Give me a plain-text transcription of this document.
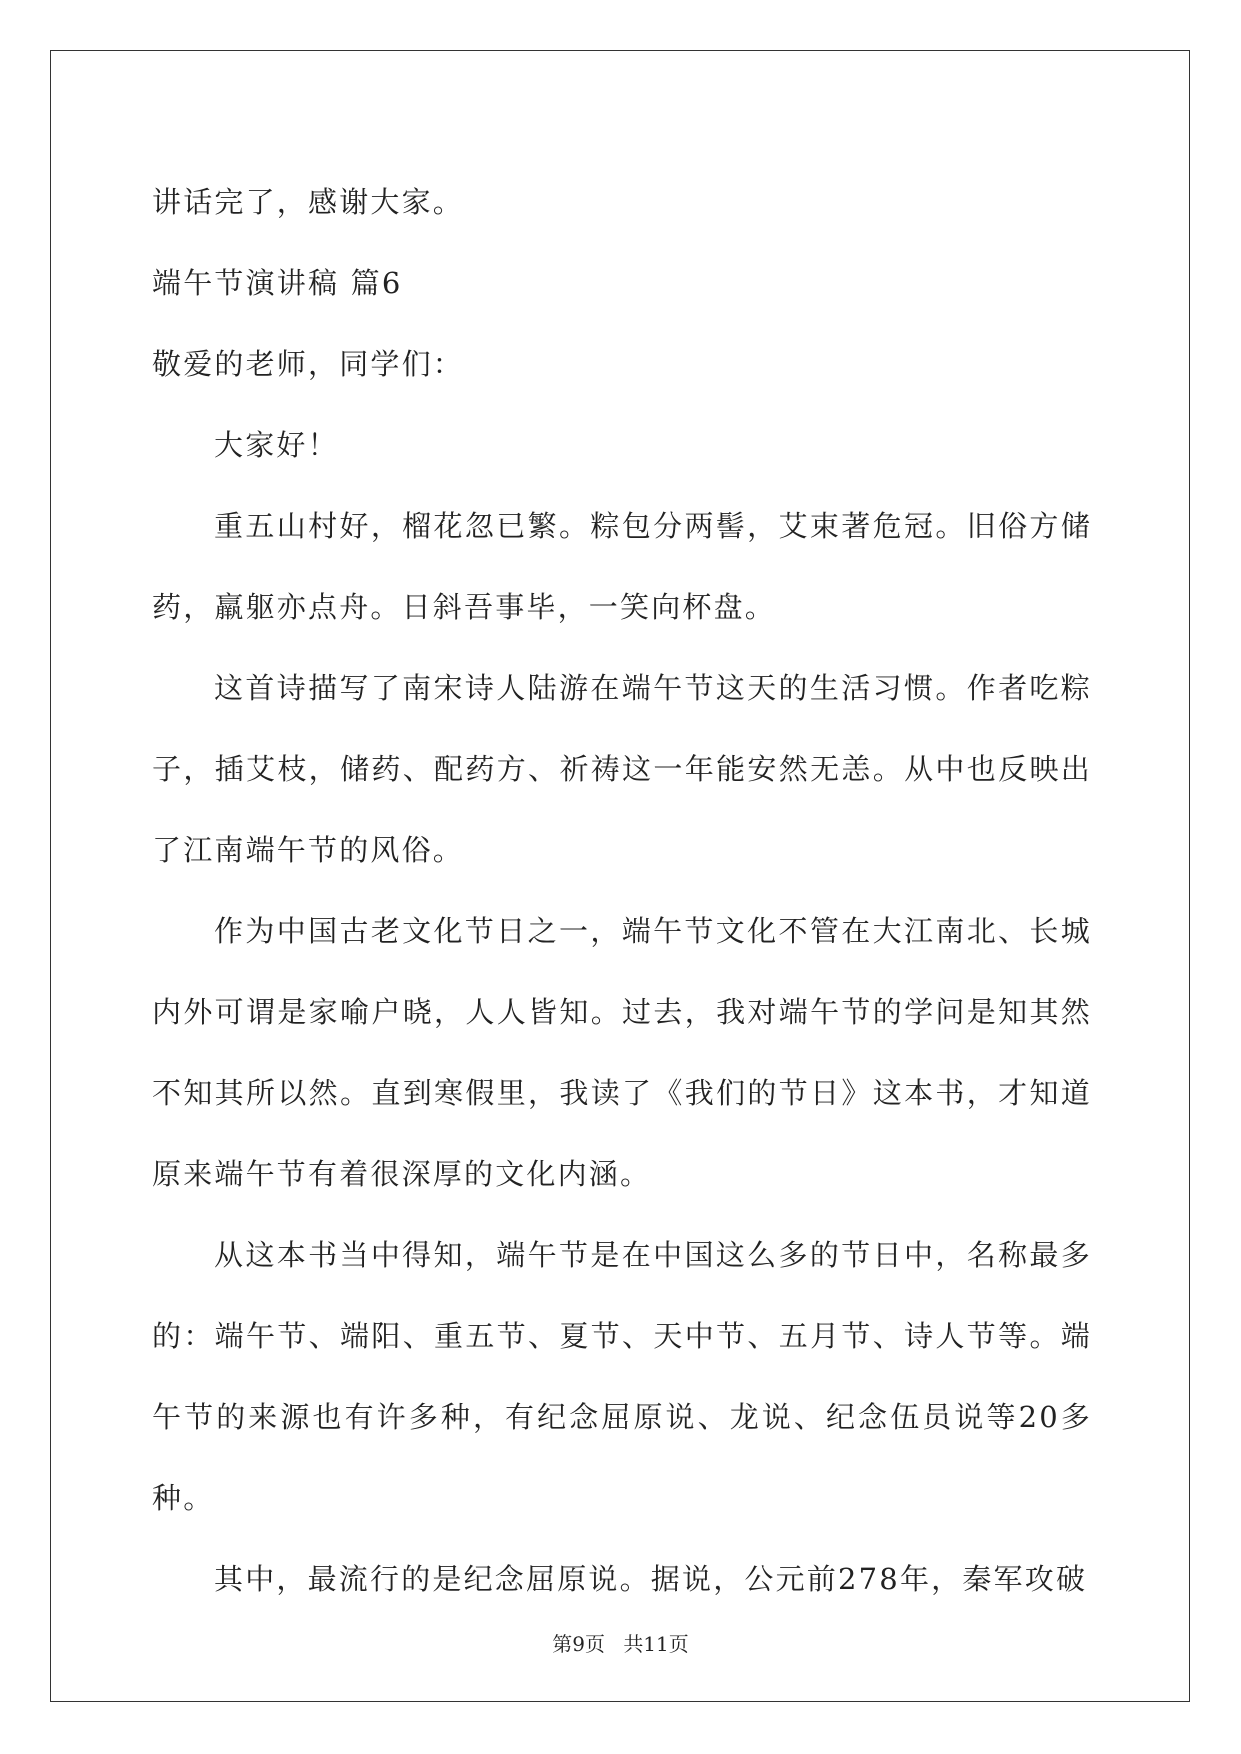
讲话完了，感谢大家。
端午节演讲稿 篇6
敬爱的老师，同学们：
大家好！
重五山村好，榴花忽已繁。粽包分两髻，艾束著危冠。旧俗方储药，羸躯亦点舟。日斜吾事毕，一笑向杯盘。
这首诗描写了南宋诗人陆游在端午节这天的生活习惯。作者吃粽子，插艾枝，储药、配药方、祈祷这一年能安然无恙。从中也反映出了江南端午节的风俗。
作为中国古老文化节日之一，端午节文化不管在大江南北、长城内外可谓是家喻户晓，人人皆知。过去，我对端午节的学问是知其然不知其所以然。直到寒假里，我读了《我们的节日》这本书，才知道原来端午节有着很深厚的文化内涵。
从这本书当中得知，端午节是在中国这么多的节日中，名称最多的：端午节、端阳、重五节、夏节、天中节、五月节、诗人节等。端午节的来源也有许多种，有纪念屈原说、龙说、纪念伍员说等20多种。
其中，最流行的是纪念屈原说。据说，公元前278年，秦军攻破
第9页 共11页
